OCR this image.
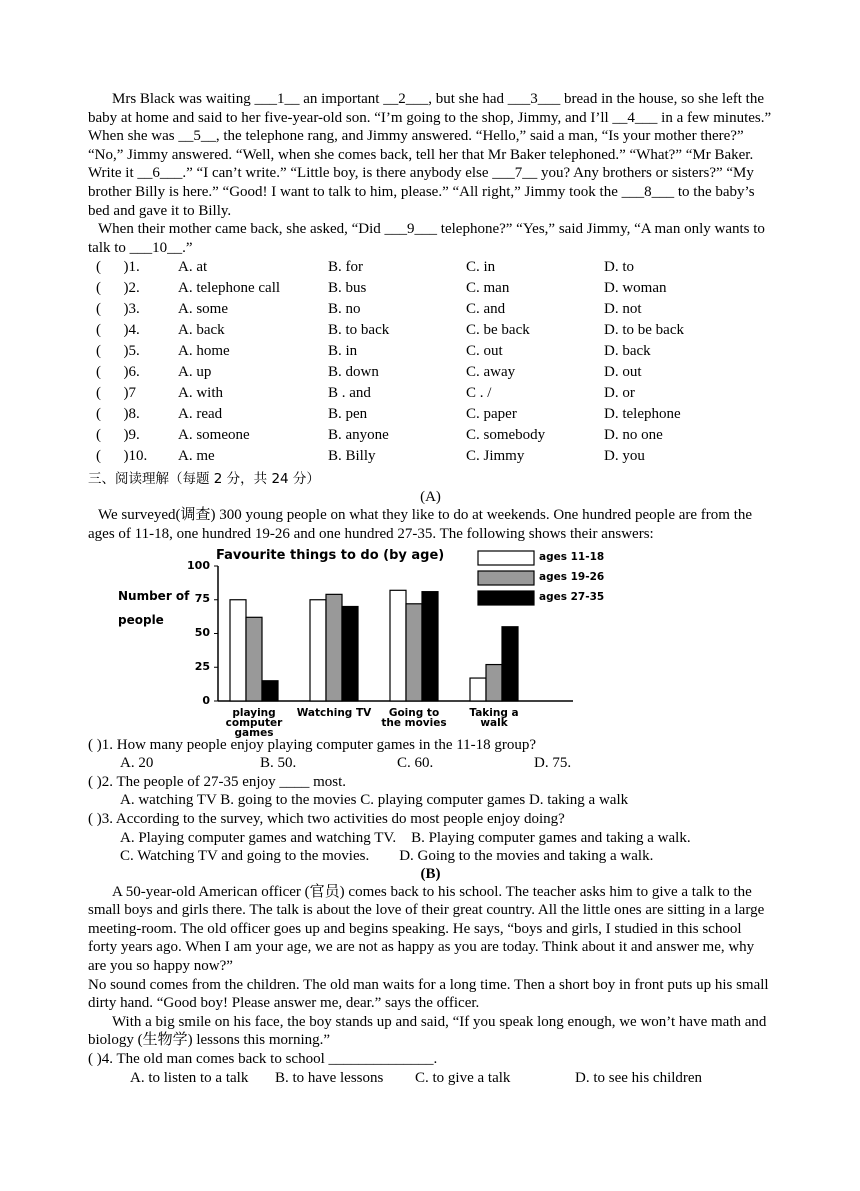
Mrs Black was waiting ___1__ an important __2___, but she had ___3___ bread in the house, so she left the baby at home and said to her five-year-old son. “I’m going to the shop, Jimmy, and I’ll __4___ in a few minutes.” When she was __5__, the telephone rang, and Jimmy answered. “Hello,” said a man, “Is your mother there?” “No,” Jimmy answered. “Well, when she comes back, tell her that Mr Baker telephoned.” “What?” “Mr Baker. Write it __6___.” “I can’t write.” “Little boy, is there anybody else ___7__ you? Any brothers or sisters?” “My brother Billy is here.” “Good! I want to talk to him, please.” “All right,” Jimmy took the ___8___ to the baby’s bed and gave it to Billy.

When their mother came back, she asked, “Did ___9___ telephone?” “Yes,” said Jimmy, “A man only wants to talk to ___10__.”

(      )1.	A. at	B. for	C. in	D. to
(      )2.	A. telephone call	B. bus	C. man	D. woman
(      )3.	A. some	B. no	C. and	D. not
(      )4.	A. back	B. to back	C. be back	D. to be back
(      )5.	A. home	B. in	C. out	D. back
(      )6.	A. up	B. down	C. away	D. out
(      )7	A. with	B . and	C . /	D. or
(      )8.	A. read	B. pen	C. paper	D. telephone
(      )9.	A. someone	B. anyone	C. somebody	D. no one
(      )10.	A. me	B. Billy	C. Jimmy	D. you
三、阅读理解（每题 2 分，共 24 分）
(A)

We surveyed(调查) 300 young people on what they like to do at weekends. One hundred people are from the ages of 11-18, one hundred 19-26 and one hundred 27-35. The following shows their answers:

Favourite things to do (by age)
Number of people
0
25
50
75
100
playing
computer games
Watching TV	Going to
the movies
Taking a walk
ages 11-18
ages 19-26
ages 27-35

( )1. How many people enjoy playing computer games in the 11-18 group?

A. 20	B. 50.	C. 60.	D. 75.

( )2. The people of 27-35 enjoy ____ most.

A. watching TV B. going to the movies C. playing computer games D. taking a walk

( )3. According to the survey, which two activities do most people enjoy doing?

A. Playing computer games and watching TV.    B. Playing computer games and taking a walk.

C. Watching TV and going to the movies.        D. Going to the movies and taking a walk.

(B)

A 50-year-old American officer (官员) comes back to his school. The teacher asks him to give a talk to the small boys and girls there. The talk is about the love of their great country. All the little ones are sitting in a large meeting-room. The old officer goes up and begins speaking. He says, “boys and girls, I studied in this school forty years ago. When I am your age, we are not as happy as you are today. Think about it and answer me, why are you so happy now?”

No sound comes from the children. The old man waits for a long time. Then a short boy in front puts up his small dirty hand. “Good boy! Please answer me, dear.” says the officer.

With a big smile on his face, the boy stands up and said, “If you speak long enough, we won’t have math and biology (生物学) lessons this morning.”

( )4. The old man comes back to school ______________.

A. to listen to a talk	B. to have lessons	C. to give a talk	D. to see his children
